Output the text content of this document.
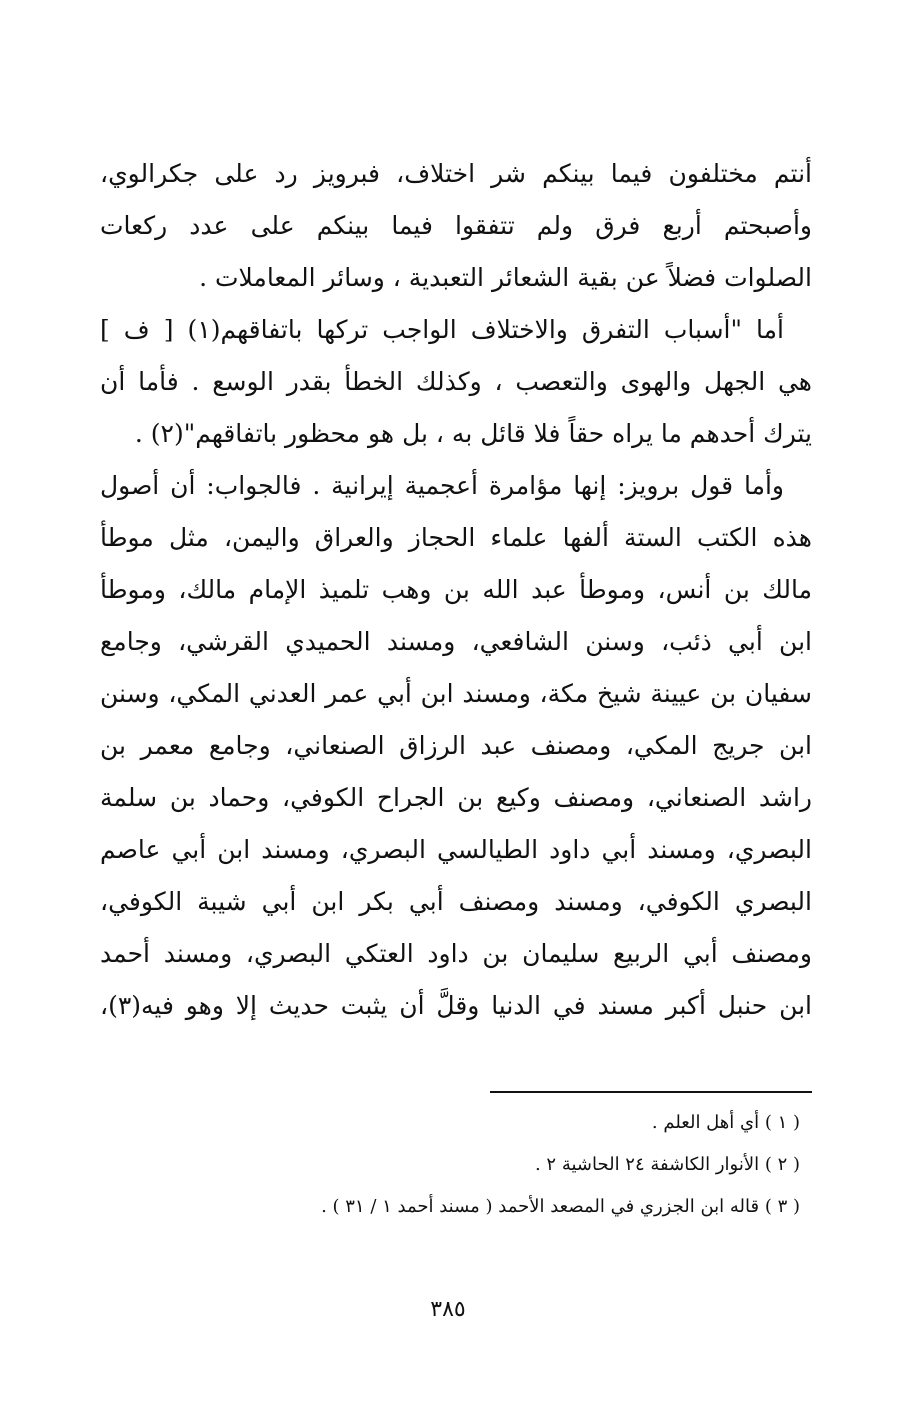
أنتم مختلفون فيما بينكم شر اختلاف، فبرويز رد على جكرالوي،
وأصبحتم أربع فرق ولم تتفقوا فيما بينكم على عدد ركعات
الصلوات فضلاً عن بقية الشعائر التعبدية ، وسائر المعاملات .
أما "أسباب التفرق والاختلاف الواجب تركها باتفاقهم(١) [ ف ]
هي الجهل والهوى والتعصب ، وكذلك الخطأ بقدر الوسع . فأما أن
يترك أحدهم ما يراه حقاً فلا قائل به ، بل هو محظور باتفاقهم"(٢) .
وأما قول برويز: إنها مؤامرة أعجمية إيرانية . فالجواب: أن أصول
هذه الكتب الستة ألفها علماء الحجاز والعراق واليمن، مثل موطأ
مالك بن أنس، وموطأ عبد الله بن وهب تلميذ الإمام مالك، وموطأ
ابن أبي ذئب، وسنن الشافعي، ومسند الحميدي القرشي، وجامع
سفيان بن عيينة شيخ مكة، ومسند ابن أبي عمر العدني المكي، وسنن
ابن جريج المكي، ومصنف عبد الرزاق الصنعاني، وجامع معمر بن
راشد الصنعاني، ومصنف وكيع بن الجراح الكوفي، وحماد بن سلمة
البصري، ومسند أبي داود الطيالسي البصري، ومسند ابن أبي عاصم
البصري الكوفي، ومسند ومصنف أبي بكر ابن أبي شيبة الكوفي،
ومصنف أبي الربيع سليمان بن داود العتكي البصري، ومسند أحمد
ابن حنبل أكبر مسند في الدنيا وقلَّ أن يثبت حديث إلا وهو فيه(٣)،
( ١ ) أي أهل العلم .
( ٢ ) الأنوار الكاشفة ٢٤ الحاشية ٢ .
( ٣ ) قاله ابن الجزري في المصعد الأحمد ( مسند أحمد ١ / ٣١ ) .
٣٨٥
